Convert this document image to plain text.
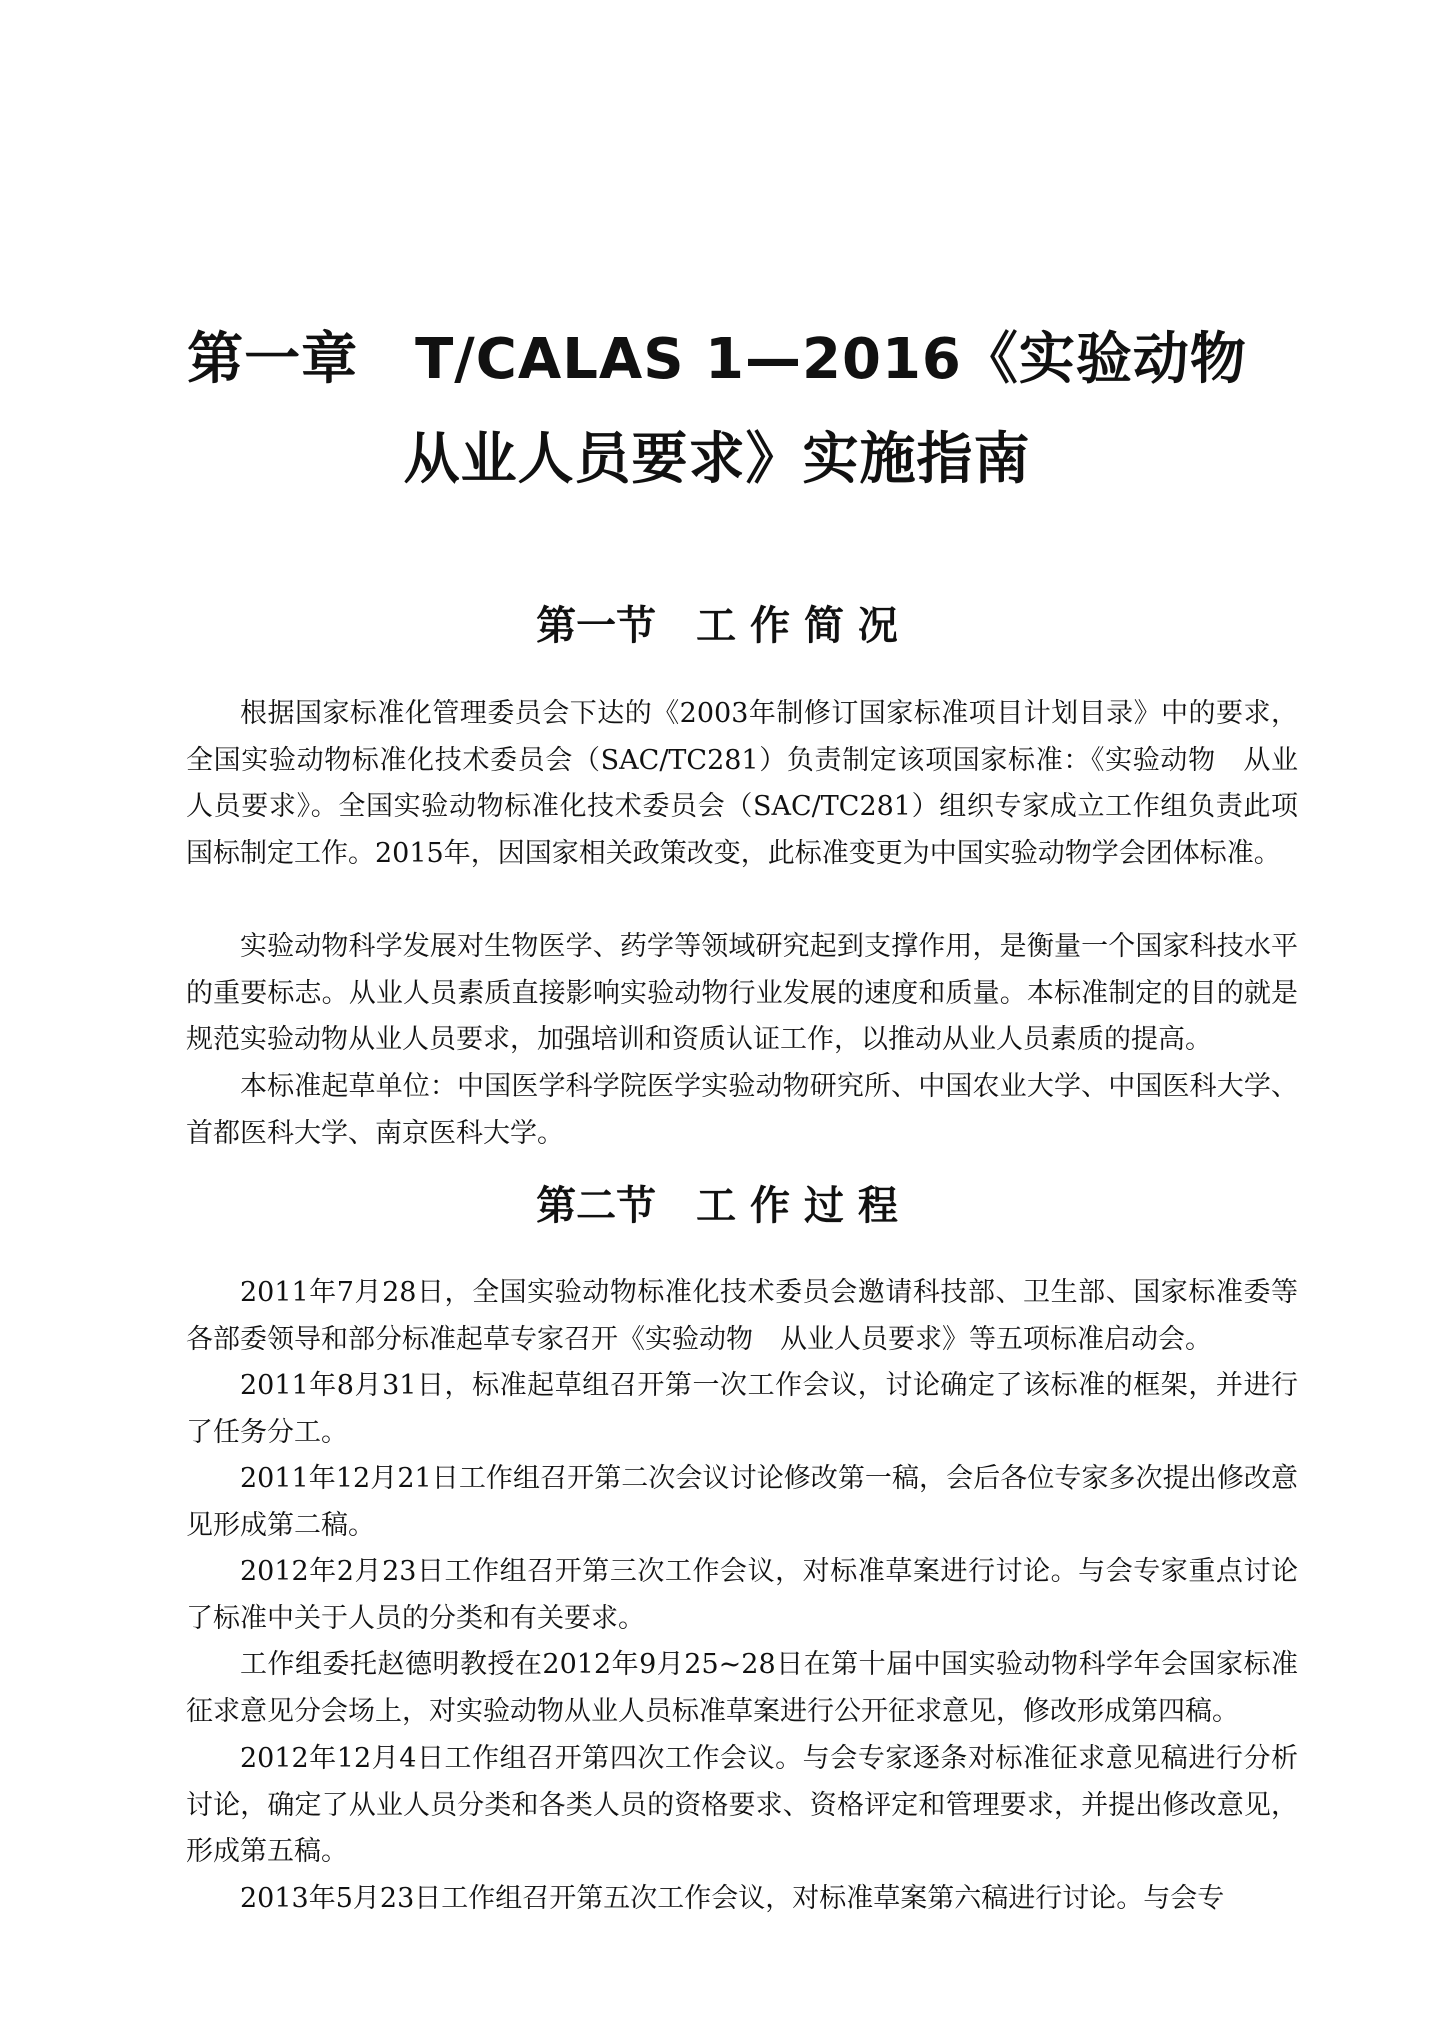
第一章　T/CALAS 1—2016《实验动物
从业人员要求》实施指南
第一节　工 作 简 况

根据国家标准化管理委员会下达的《2003年制修订国家标准项目计划目录》中的要求，全国实验动物标准化技术委员会（SAC/TC281）负责制定该项国家标准：《实验动物　从业人员要求》。全国实验动物标准化技术委员会（SAC/TC281）组织专家成立工作组负责此项国标制定工作。2015年，因国家相关政策改变，此标准变更为中国实验动物学会团体标准。

实验动物科学发展对生物医学、药学等领域研究起到支撑作用，是衡量一个国家科技水平的重要标志。从业人员素质直接影响实验动物行业发展的速度和质量。本标准制定的目的就是规范实验动物从业人员要求，加强培训和资质认证工作，以推动从业人员素质的提高。

本标准起草单位：中国医学科学院医学实验动物研究所、中国农业大学、中国医科大学、首都医科大学、南京医科大学。

第二节　工 作 过 程

2011年7月28日，全国实验动物标准化技术委员会邀请科技部、卫生部、国家标准委等各部委领导和部分标准起草专家召开《实验动物　从业人员要求》等五项标准启动会。

2011年8月31日，标准起草组召开第一次工作会议，讨论确定了该标准的框架，并进行了任务分工。

2011年12月21日工作组召开第二次会议讨论修改第一稿，会后各位专家多次提出修改意见形成第二稿。

2012年2月23日工作组召开第三次工作会议，对标准草案进行讨论。与会专家重点讨论了标准中关于人员的分类和有关要求。

工作组委托赵德明教授在2012年9月25~28日在第十届中国实验动物科学年会国家标准征求意见分会场上，对实验动物从业人员标准草案进行公开征求意见，修改形成第四稿。

2012年12月4日工作组召开第四次工作会议。与会专家逐条对标准征求意见稿进行分析讨论，确定了从业人员分类和各类人员的资格要求、资格评定和管理要求，并提出修改意见，形成第五稿。

2013年5月23日工作组召开第五次工作会议，对标准草案第六稿进行讨论。与会专
